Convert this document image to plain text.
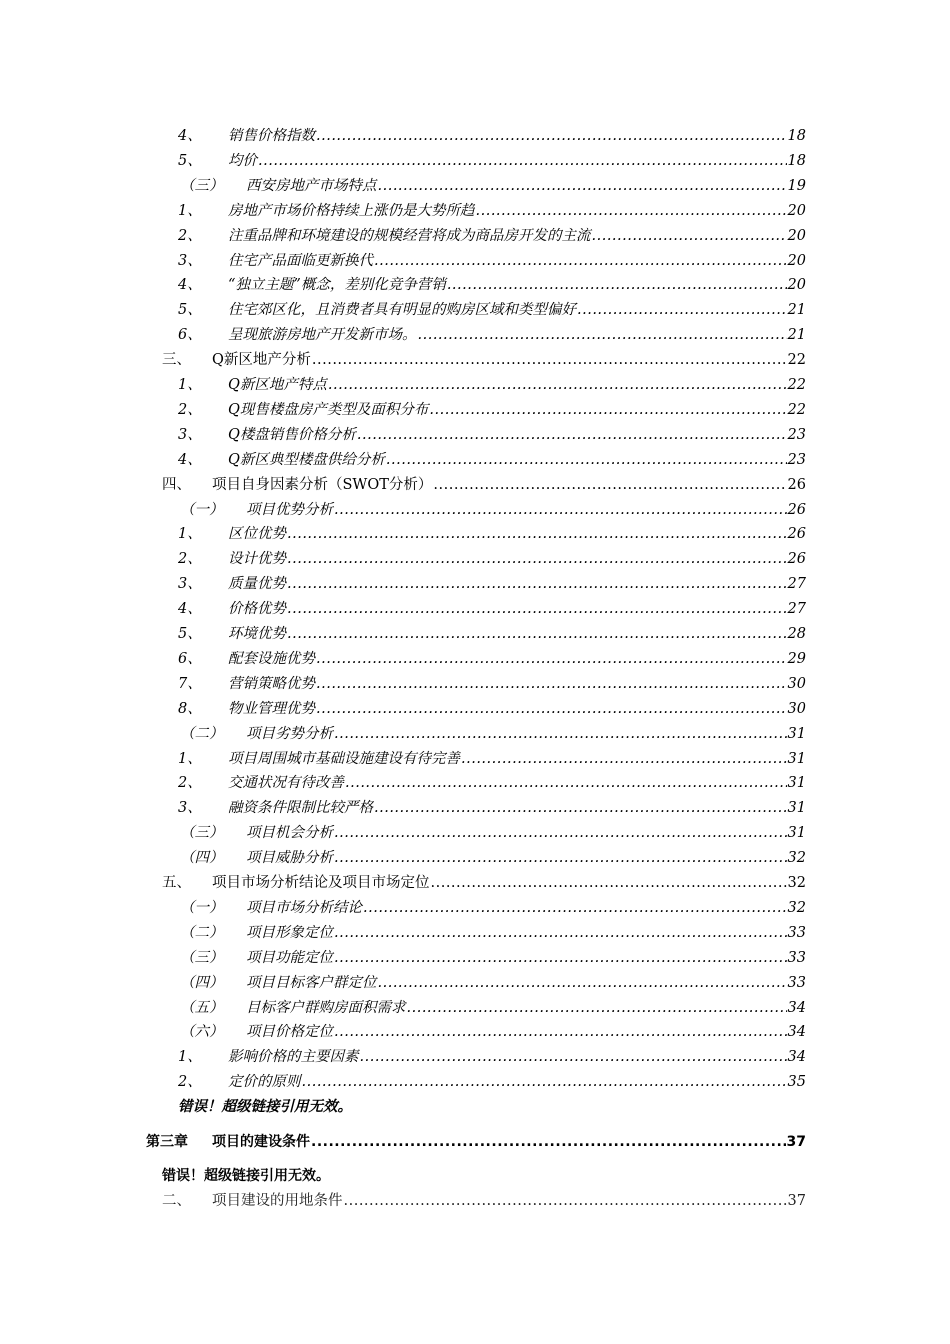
4、	销售价格指数 .....	18
5、	均价 .....	18
（三）	西安房地产市场特点 .....	19
1、	房地产市场价格持续上涨仍是大势所趋 .....	20
2、	注重品牌和环境建设的规模经营将成为商品房开发的主流 .....	20
3、	住宅产品面临更新换代 .....	20
4、	“独立主题”概念，差别化竞争营销 .....	20
5、	住宅郊区化，且消费者具有明显的购房区域和类型偏好 .....	21
6、	呈现旅游房地产开发新市场。 .....	21
三、	Q新区地产分析 .....	22
1、	Q新区地产特点 .....	22
2、	Q现售楼盘房产类型及面积分布 .....	22
3、	Q楼盘销售价格分析 .....	23
4、	Q新区典型楼盘供给分析 .....	23
四、	项目自身因素分析（SWOT分析） .....	26
（一）	项目优势分析 .....	26
1、	区位优势 .....	26
2、	设计优势 .....	26
3、	质量优势 .....	27
4、	价格优势 .....	27
5、	环境优势 .....	28
6、	配套设施优势 .....	29
7、	营销策略优势 .....	30
8、	物业管理优势 .....	30
（二）	项目劣势分析 .....	31
1、	项目周围城市基础设施建设有待完善 .....	31
2、	交通状况有待改善 .....	31
3、	融资条件限制比较严格 .....	31
（三）	项目机会分析 .....	31
（四）	项目威胁分析 .....	32
五、	项目市场分析结论及项目市场定位 .....	32
（一）	项目市场分析结论 .....	32
（二）	项目形象定位 .....	33
（三）	项目功能定位 .....	33
（四）	项目目标客户群定位 .....	33
（五）	目标客户群购房面积需求 .....	34
（六）	项目价格定位 .....	34
1、	影响价格的主要因素 .....	34
2、	定价的原则 .....	35
错误！超级链接引用无效。
第三章	项目的建设条件 .....	37
错误！超级链接引用无效。
二、	项目建设的用地条件 .....	37
